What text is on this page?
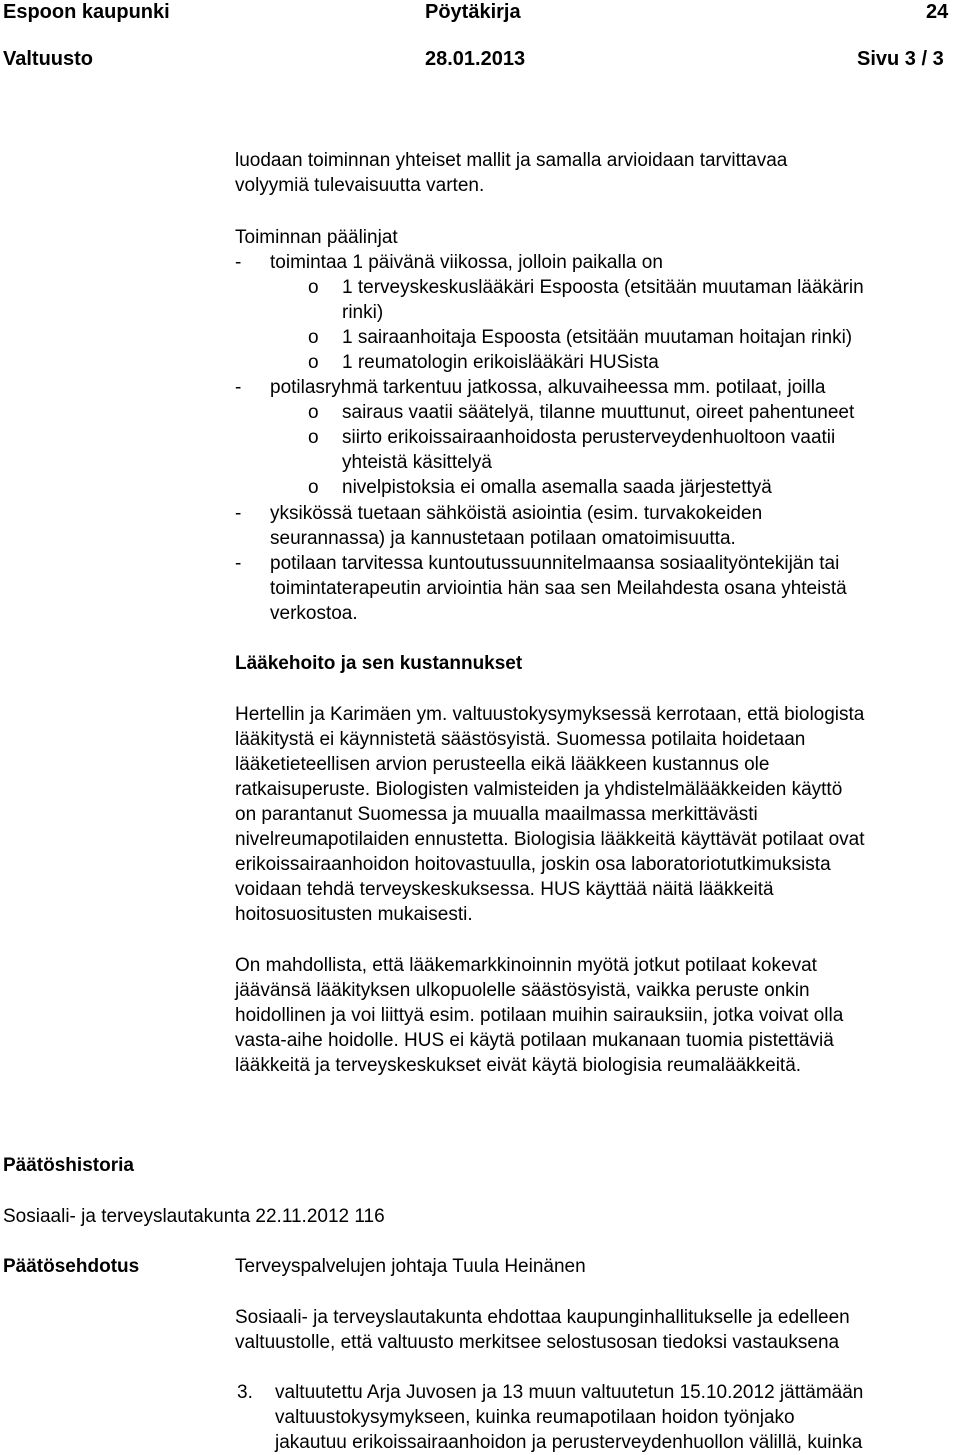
Espoon kaupunki	Pöytäkirja	24
Valtuusto	28.01.2013	Sivu 3 / 3
luodaan toiminnan yhteiset mallit ja samalla arvioidaan tarvittavaa
volyymiä tulevaisuutta varten.
Toiminnan päälinjat
- toimintaa 1 päivänä viikossa, jolloin paikalla on
o 1 terveyskeskuslääkäri Espoosta (etsitään muutaman lääkärin
rinki)
o 1 sairaanhoitaja Espoosta (etsitään muutaman hoitajan rinki)
o 1 reumatologin erikoislääkäri HUSista
- potilasryhmä tarkentuu jatkossa, alkuvaiheessa mm. potilaat, joilla
o sairaus vaatii säätelyä, tilanne muuttunut, oireet pahentuneet
o siirto erikoissairaanhoidosta perusterveydenhuoltoon vaatii
yhteistä käsittelyä
o nivelpistoksia ei omalla asemalla saada järjestettyä
- yksikössä tuetaan sähköistä asiointia (esim. turvakokeiden
seurannassa) ja kannustetaan potilaan omatoimisuutta.
- potilaan tarvitessa kuntoutussuunnitelmaansa sosiaalityöntekijän tai
toimintaterapeutin arviointia hän saa sen Meilahdesta osana yhteistä
verkostoa.
Lääkehoito ja sen kustannukset
Hertellin ja Karimäen ym. valtuustokysymyksessä kerrotaan, että biologista
lääkitystä ei käynnistetä säästösyistä. Suomessa potilaita hoidetaan
lääketieteellisen arvion perusteella eikä lääkkeen kustannus ole
ratkaisuperuste. Biologisten valmisteiden ja yhdistelmälääkkeiden käyttö
on parantanut Suomessa ja muualla maailmassa merkittävästi
nivelreumapotilaiden ennustetta. Biologisia lääkkeitä käyttävät potilaat ovat
erikoissairaanhoidon hoitovastuulla, joskin osa laboratoriotutkimuksista
voidaan tehdä terveyskeskuksessa. HUS käyttää näitä lääkkeitä
hoitosuositusten mukaisesti.
On mahdollista, että lääkemarkkinoinnin myötä jotkut potilaat kokevat
jäävänsä lääkityksen ulkopuolelle säästösyistä, vaikka peruste onkin
hoidollinen ja voi liittyä esim. potilaan muihin sairauksiin, jotka voivat olla
vasta-aihe hoidolle. HUS ei käytä potilaan mukanaan tuomia pistettäviä
lääkkeitä ja terveyskeskukset eivät käytä biologisia reumalääkkeitä.
Päätöshistoria
Sosiaali- ja terveyslautakunta 22.11.2012 116
Päätösehdotus	Terveyspalvelujen johtaja Tuula Heinänen
Sosiaali- ja terveyslautakunta ehdottaa kaupunginhallitukselle ja edelleen
valtuustolle, että valtuusto merkitsee selostusosan tiedoksi vastauksena
3. valtuutettu Arja Juvosen ja 13 muun valtuutetun 15.10.2012 jättämään
valtuustokysymykseen, kuinka reumapotilaan hoidon työnjako
jakautuu erikoissairaanhoidon ja perusterveydenhuollon välillä, kuinka
